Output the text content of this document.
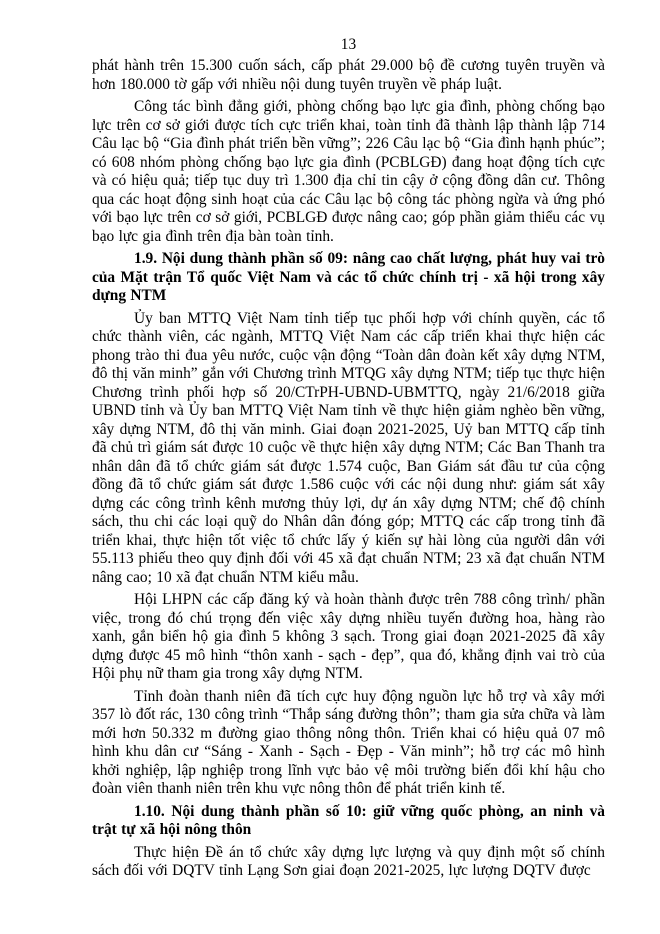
13

phát hành trên 15.300 cuốn sách, cấp phát 29.000 bộ đề cương tuyên truyền và hơn 180.000 tờ gấp với nhiều nội dung tuyên truyền về pháp luật.

Công tác bình đẳng giới, phòng chống bạo lực gia đình, phòng chống bạo lực trên cơ sở giới được tích cực triển khai, toàn tỉnh đã thành lập thành lập 714 Câu lạc bộ “Gia đình phát triển bền vững”; 226 Câu lạc bộ “Gia đình hạnh phúc”; có 608 nhóm phòng chống bạo lực gia đình (PCBLGĐ) đang hoạt động tích cực và có hiệu quả; tiếp tục duy trì 1.300 địa chỉ tin cậy ở cộng đồng dân cư. Thông qua các hoạt động sinh hoạt của các Câu lạc bộ công tác phòng ngừa và ứng phó với bạo lực trên cơ sở giới, PCBLGĐ được nâng cao; góp phần giảm thiểu các vụ bạo lực gia đình trên địa bàn toàn tỉnh.

1.9. Nội dung thành phần số 09: nâng cao chất lượng, phát huy vai trò của Mặt trận Tổ quốc Việt Nam và các tổ chức chính trị - xã hội trong xây dựng NTM

Ủy ban MTTQ Việt Nam tỉnh tiếp tục phối hợp với chính quyền, các tổ chức thành viên, các ngành, MTTQ Việt Nam các cấp triển khai thực hiện các phong trào thi đua yêu nước, cuộc vận động “Toàn dân đoàn kết xây dựng NTM, đô thị văn minh” gắn với Chương trình MTQG xây dựng NTM; tiếp tục thực hiện Chương trình phối hợp số 20/CTrPH-UBND-UBMTTQ, ngày 21/6/2018 giữa UBND tỉnh và Ủy ban MTTQ Việt Nam tỉnh về thực hiện giảm nghèo bền vững, xây dựng NTM, đô thị văn minh. Giai đoạn 2021-2025, Uỷ ban MTTQ cấp tỉnh đã chủ trì giám sát được 10 cuộc về thực hiện xây dựng NTM; Các Ban Thanh tra nhân dân đã tổ chức giám sát được 1.574 cuộc, Ban Giám sát đầu tư của cộng đồng đã tổ chức giám sát được 1.586 cuộc với các nội dung như: giám sát xây dựng các công trình kênh mương thủy lợi, dự án xây dựng NTM; chế độ chính sách, thu chi các loại quỹ do Nhân dân đóng góp; MTTQ các cấp trong tỉnh đã triển khai, thực hiện tốt việc tổ chức lấy ý kiến sự hài lòng của người dân với 55.113 phiếu theo quy định đối với 45 xã đạt chuẩn NTM; 23 xã đạt chuẩn NTM nâng cao; 10 xã đạt chuẩn NTM kiểu mẫu.

Hội LHPN các cấp đăng ký và hoàn thành được trên 788 công trình/ phần việc, trong đó chú trọng đến việc xây dựng nhiều tuyến đường hoa, hàng rào xanh, gắn biển hộ gia đình 5 không 3 sạch. Trong giai đoạn 2021-2025 đã xây dựng được 45 mô hình “thôn xanh - sạch - đẹp”, qua đó, khẳng định vai trò của Hội phụ nữ tham gia trong xây dựng NTM.

Tỉnh đoàn thanh niên đã tích cực huy động nguồn lực hỗ trợ và xây mới 357 lò đốt rác, 130 công trình “Thắp sáng đường thôn”; tham gia sửa chữa và làm mới hơn 50.332 m đường giao thông nông thôn. Triển khai có hiệu quả 07 mô hình khu dân cư “Sáng - Xanh - Sạch - Đẹp - Văn minh”; hỗ trợ các mô hình khởi nghiệp, lập nghiệp trong lĩnh vực bảo vệ môi trường biến đổi khí hậu cho đoàn viên thanh niên trên khu vực nông thôn để phát triển kinh tế.

1.10. Nội dung thành phần số 10: giữ vững quốc phòng, an ninh và trật tự xã hội nông thôn

Thực hiện Đề án tổ chức xây dựng lực lượng và quy định một số chính sách đối với DQTV tỉnh Lạng Sơn giai đoạn 2021-2025, lực lượng DQTV được
